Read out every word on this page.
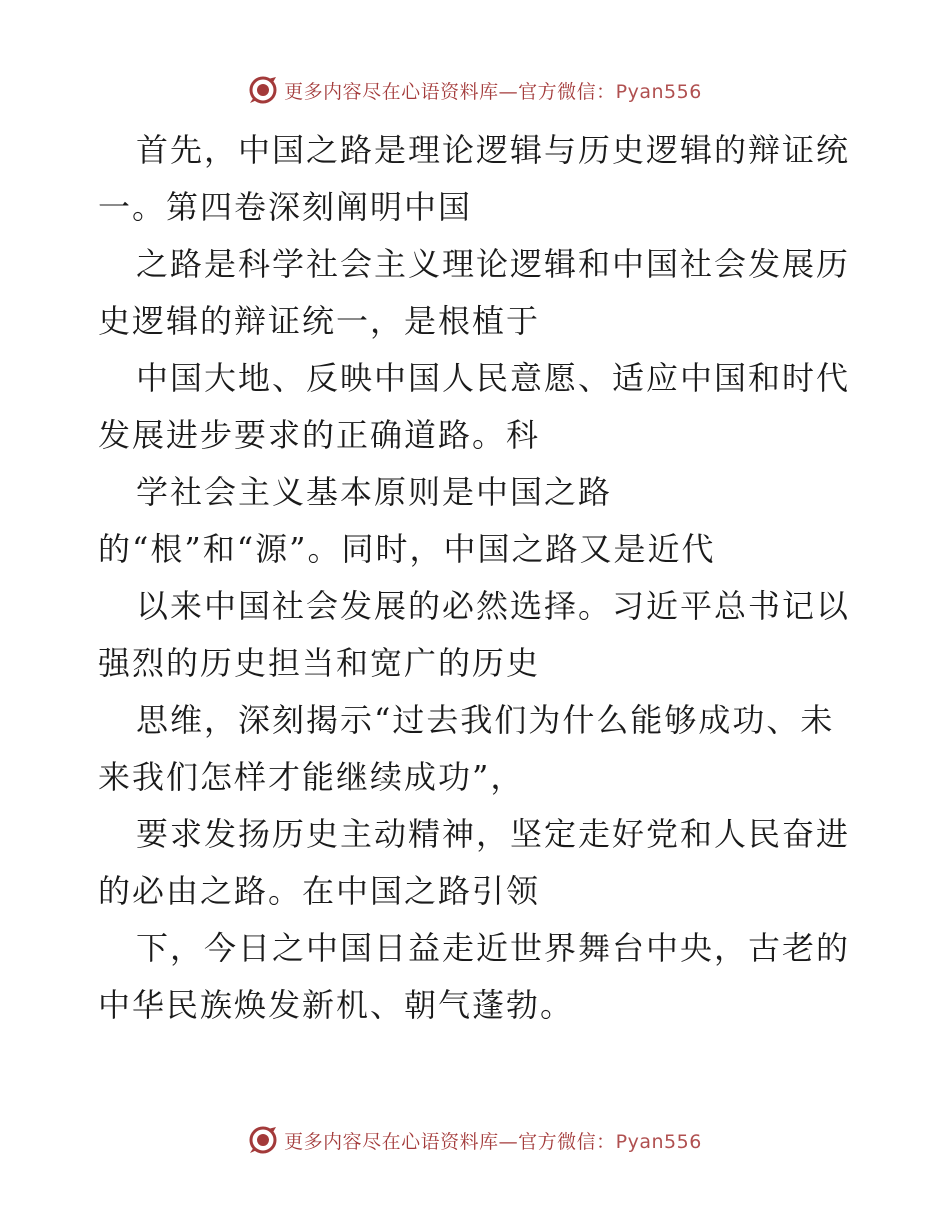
更多内容尽在心语资料库—官方微信：Pyan556
首先，中国之路是理论逻辑与历史逻辑的辩证统
一。第四卷深刻阐明中国
之路是科学社会主义理论逻辑和中国社会发展历
史逻辑的辩证统一，是根植于
中国大地、反映中国人民意愿、适应中国和时代
发展进步要求的正确道路。科
学社会主义基本原则是中国之路
的“根”和“源”。同时，中国之路又是近代
以来中国社会发展的必然选择。习近平总书记以
强烈的历史担当和宽广的历史
思维，深刻揭示“过去我们为什么能够成功、未
来我们怎样才能继续成功”，
要求发扬历史主动精神，坚定走好党和人民奋进
的必由之路。在中国之路引领
下，今日之中国日益走近世界舞台中央，古老的
中华民族焕发新机、朝气蓬勃。
更多内容尽在心语资料库—官方微信：Pyan556
